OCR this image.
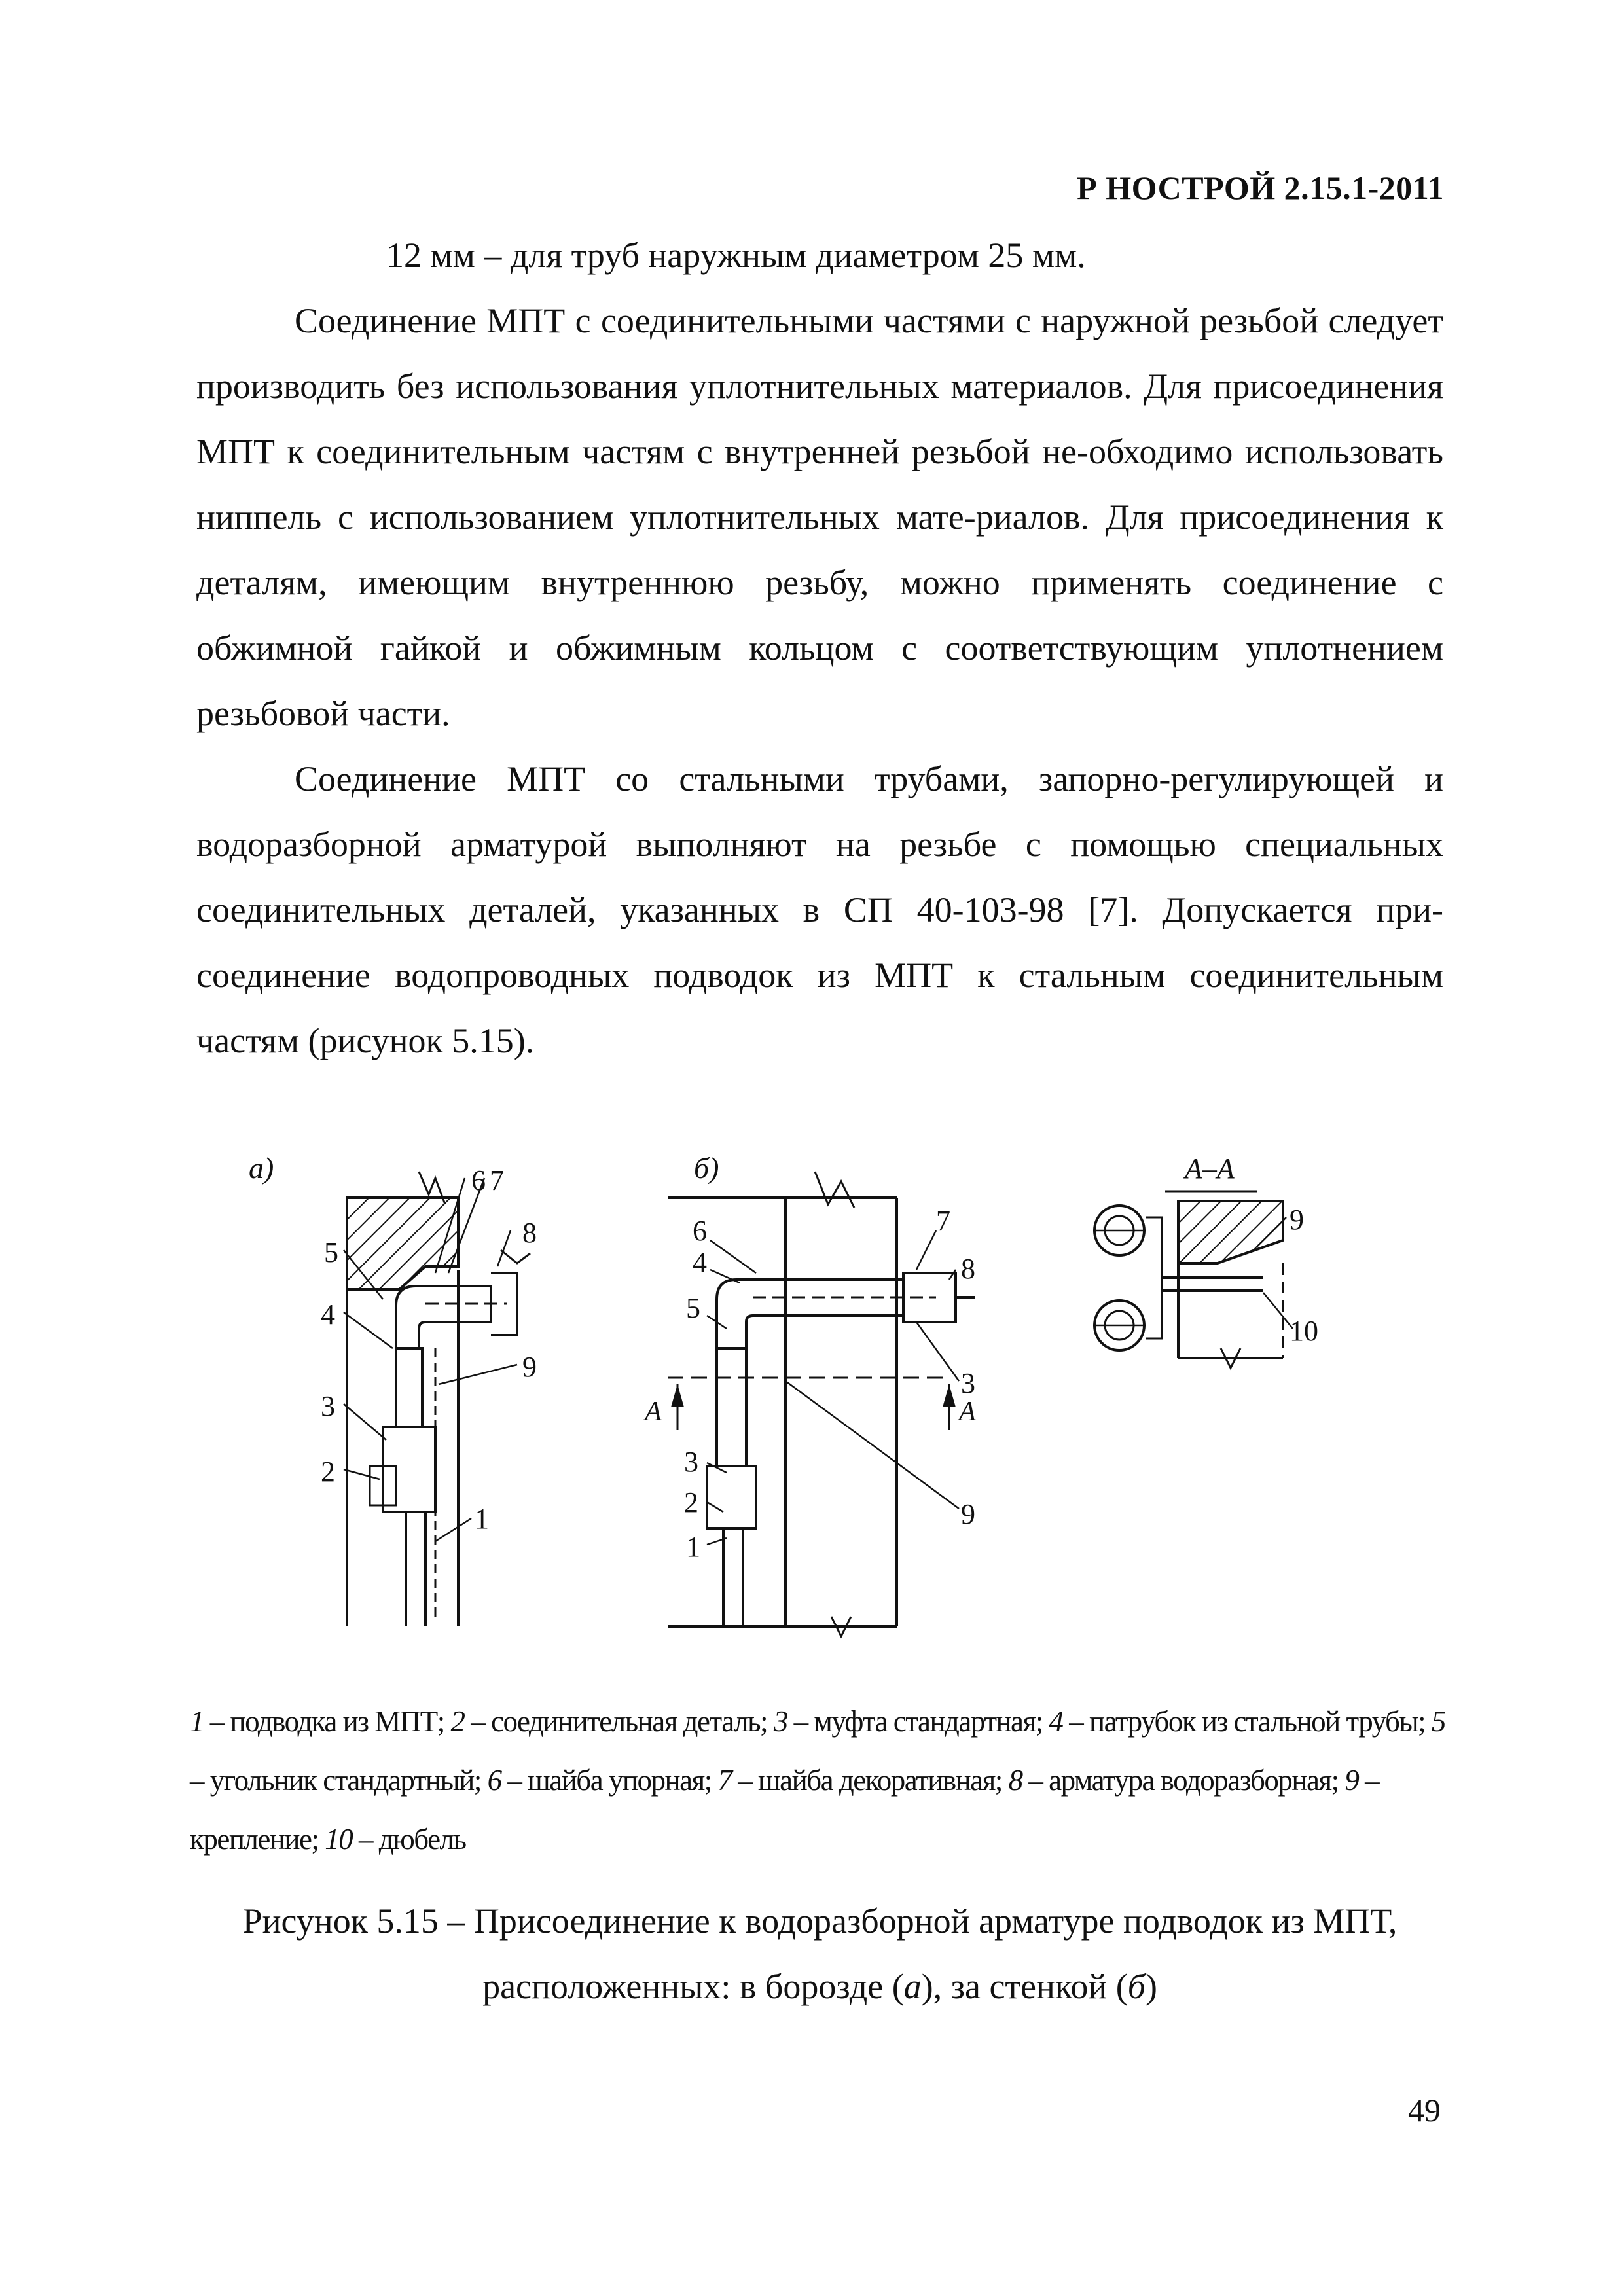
Р НОСТРОЙ 2.15.1-2011
12 мм – для труб наружным диаметром 25 мм.

Соединение МПТ с соединительными частями с наружной резьбой следует производить без использования уплотнительных материалов. Для присоединения МПТ к соединительным частям с внутренней резьбой не-обходимо использовать ниппель с использованием уплотнительных мате-риалов. Для присоединения к деталям, имеющим внутреннюю резьбу, можно применять соединение с обжимной гайкой и обжимным кольцом с соответствующим уплотнением резьбовой части.

Соединение МПТ со стальными трубами, запорно-регулирующей и водоразборной арматурой выполняют на резьбе с помощью специальных соединительных деталей, указанных в СП 40-103-98 [7]. Допускается при-соединение водопроводных подводок из МПТ к стальным соединительным частям (рисунок 5.15).

а)
5
4
3
2
6 7
8
9
1
б)
А	А
6
4
5
7
8
3
9
3
2
1
А–А
9
10
1 – подводка из МПТ; 2 – соединительная деталь; 3 – муфта стандартная; 4 – патрубок из стальной трубы; 5 – угольник стандартный; 6 – шайба упорная; 7 – шайба декоративная; 8 – арматура водоразборная; 9 – крепление; 10 – дюбель
Рисунок 5.15 – Присоединение к водоразборной арматуре подводок из МПТ,
расположенных: в борозде (а), за стенкой (б)
49
